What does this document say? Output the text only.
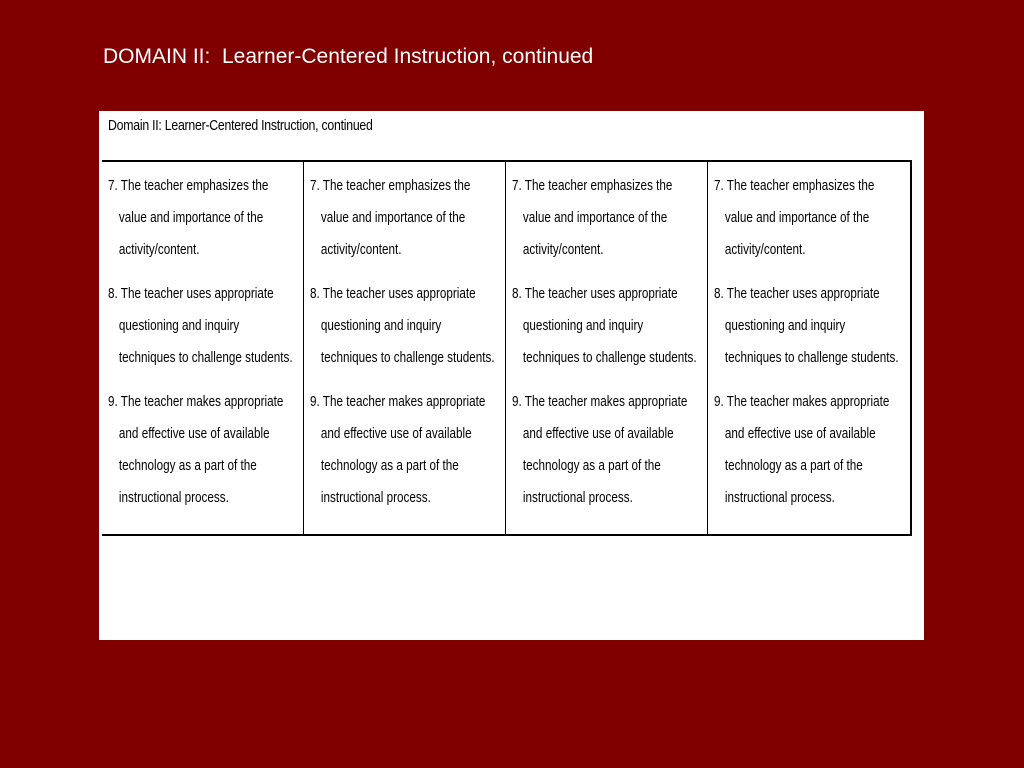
DOMAIN II:  Learner-Centered Instruction, continued
Domain II: Learner-Centered Instruction, continued
7. The teacher emphasizes the value and importance of the activity/content.
8. The teacher uses appropriate questioning and inquiry techniques to challenge students.
9. The teacher makes appropriate and effective use of available technology as a part of the instructional process.
7. The teacher emphasizes the value and importance of the activity/content.
8. The teacher uses appropriate questioning and inquiry techniques to challenge students.
9. The teacher makes appropriate and effective use of available technology as a part of the instructional process.
7. The teacher emphasizes the value and importance of the activity/content.
8. The teacher uses appropriate questioning and inquiry techniques to challenge students.
9. The teacher makes appropriate and effective use of available technology as a part of the instructional process.
7. The teacher emphasizes the value and importance of the activity/content.
8. The teacher uses appropriate questioning and inquiry techniques to challenge students.
9. The teacher makes appropriate and effective use of available technology as a part of the instructional process.
